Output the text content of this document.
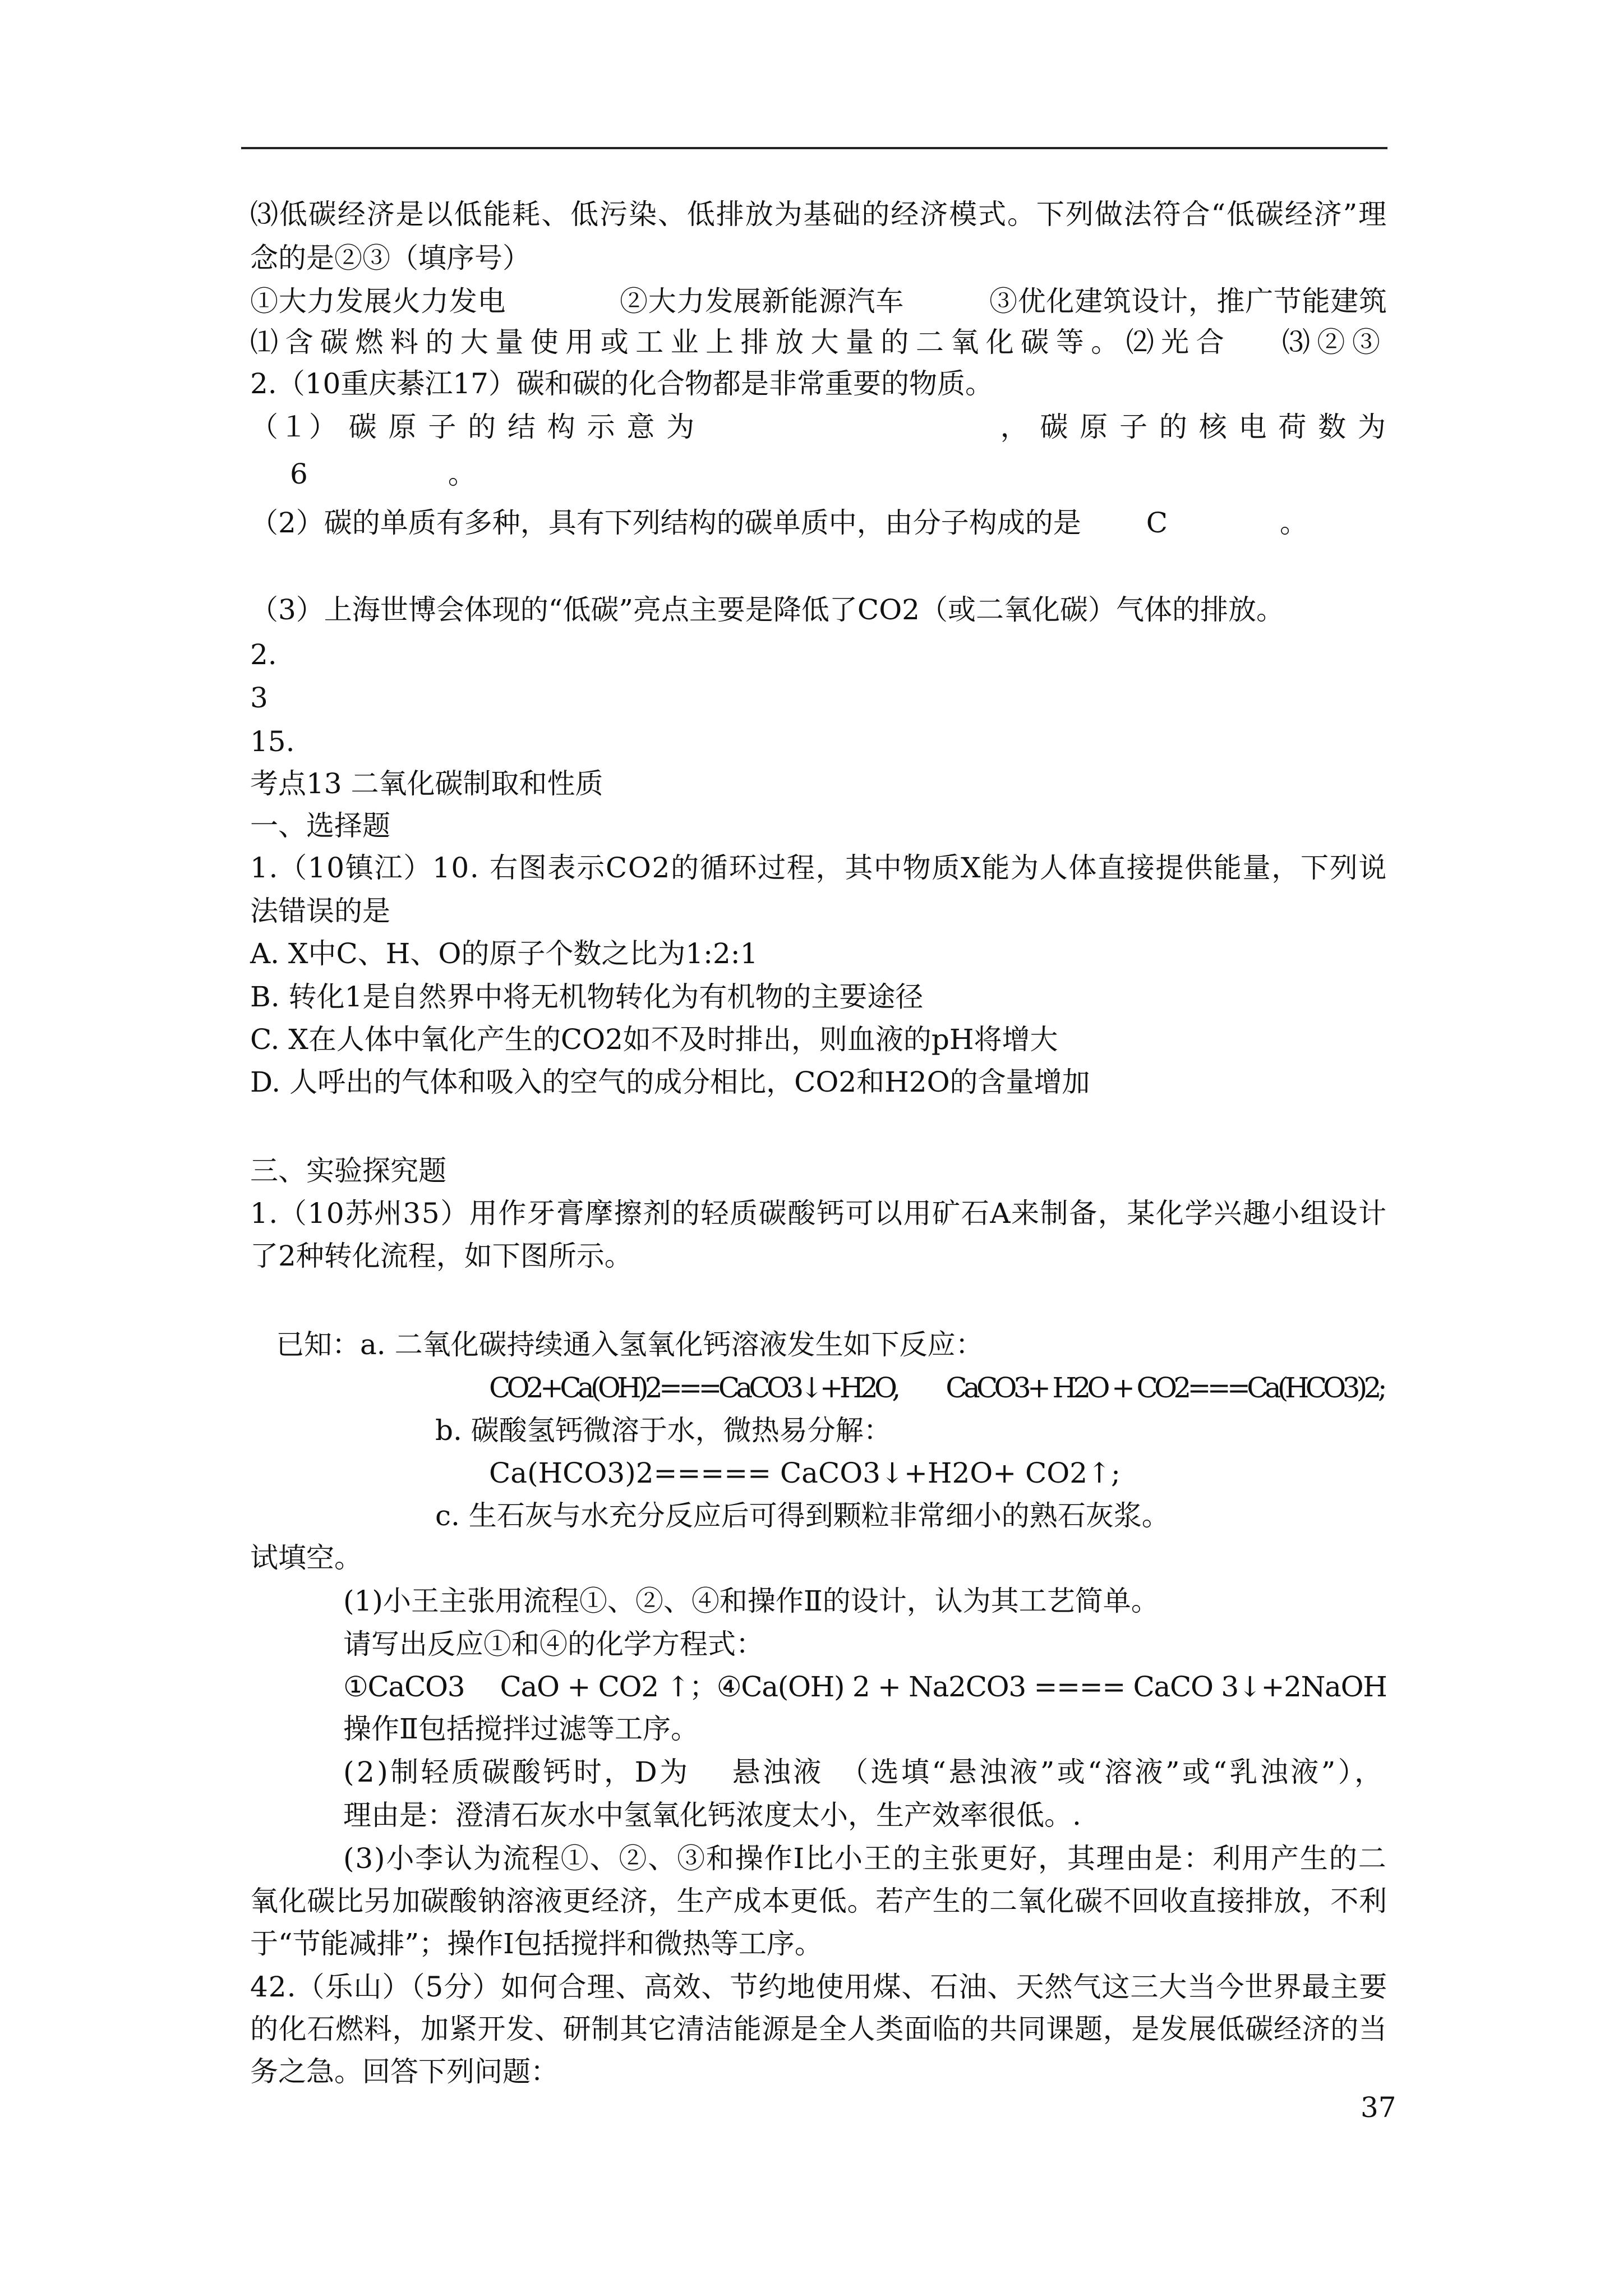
⑶低碳经济是以低能耗、低污染、低排放为基础的经济模式。下列做法符合“低碳经济”理
念的是②③（填序号）
①大力发展火力发电　　　　②大力发展新能源汽车　　　③优化建筑设计，推广节能建筑
⑴含碳燃料的大量使用或工业上排放大量的二氧化碳等。⑵光合　 ⑶②③
2.（10重庆綦江17）碳和碳的化合物都是非常重要的物质。
（１） 碳 原 子 的 结 构 示 意 为　　　　　　　　　　 ， 碳 原 子 的 核 电 荷 数 为
6　　　　　。
（2）碳的单质有多种，具有下列结构的碳单质中，由分子构成的是　　 C　　　　。
（3）上海世博会体现的“低碳”亮点主要是降低了CO2（或二氧化碳）气体的排放。
2.
3
15.
考点13 二氧化碳制取和性质
一、选择题
1.（10镇江）10. 右图表示CO2的循环过程，其中物质X能为人体直接提供能量，下列说
法错误的是
A. X中C、H、O的原子个数之比为1:2:1
B. 转化1是自然界中将无机物转化为有机物的主要途径
C. X在人体中氧化产生的CO2如不及时排出，则血液的pH将增大
D. 人呼出的气体和吸入的空气的成分相比，CO2和H2O的含量增加
三、实验探究题
1.（10苏州35）用作牙膏摩擦剂的轻质碳酸钙可以用矿石A来制备，某化学兴趣小组设计
了2种转化流程，如下图所示。
已知：a. 二氧化碳持续通入氢氧化钙溶液发生如下反应：
CO2+Ca(OH)2===CaCO3↓+H2O,　　CaCO3+ H2O + CO2===Ca(HCO3)2;
b. 碳酸氢钙微溶于水，微热易分解：
Ca(HCO3)2===== CaCO3↓+H2O+ CO2↑;
c. 生石灰与水充分反应后可得到颗粒非常细小的熟石灰浆。
试填空。
(1)小王主张用流程①、②、④和操作Ⅱ的设计，认为其工艺简单。
请写出反应①和④的化学方程式：
①CaCO3　 CaO + CO2 ↑；④Ca(OH) 2 + Na2CO3 ==== CaCO 3↓+2NaOH
操作Ⅱ包括搅拌过滤等工序。
(2)制轻质碳酸钙时，D为　 悬浊液　（选填“悬浊液”或“溶液”或“乳浊液”），
理由是：澄清石灰水中氢氧化钙浓度太小，生产效率很低。.
(3)小李认为流程①、②、③和操作Ⅰ比小王的主张更好，其理由是：利用产生的二
氧化碳比另加碳酸钠溶液更经济，生产成本更低。若产生的二氧化碳不回收直接排放，不利
于“节能减排”；操作Ⅰ包括搅拌和微热等工序。
42.（乐山）（5分）如何合理、高效、节约地使用煤、石油、天然气这三大当今世界最主要
的化石燃料，加紧开发、研制其它清洁能源是全人类面临的共同课题，是发展低碳经济的当
务之急。回答下列问题：
37
